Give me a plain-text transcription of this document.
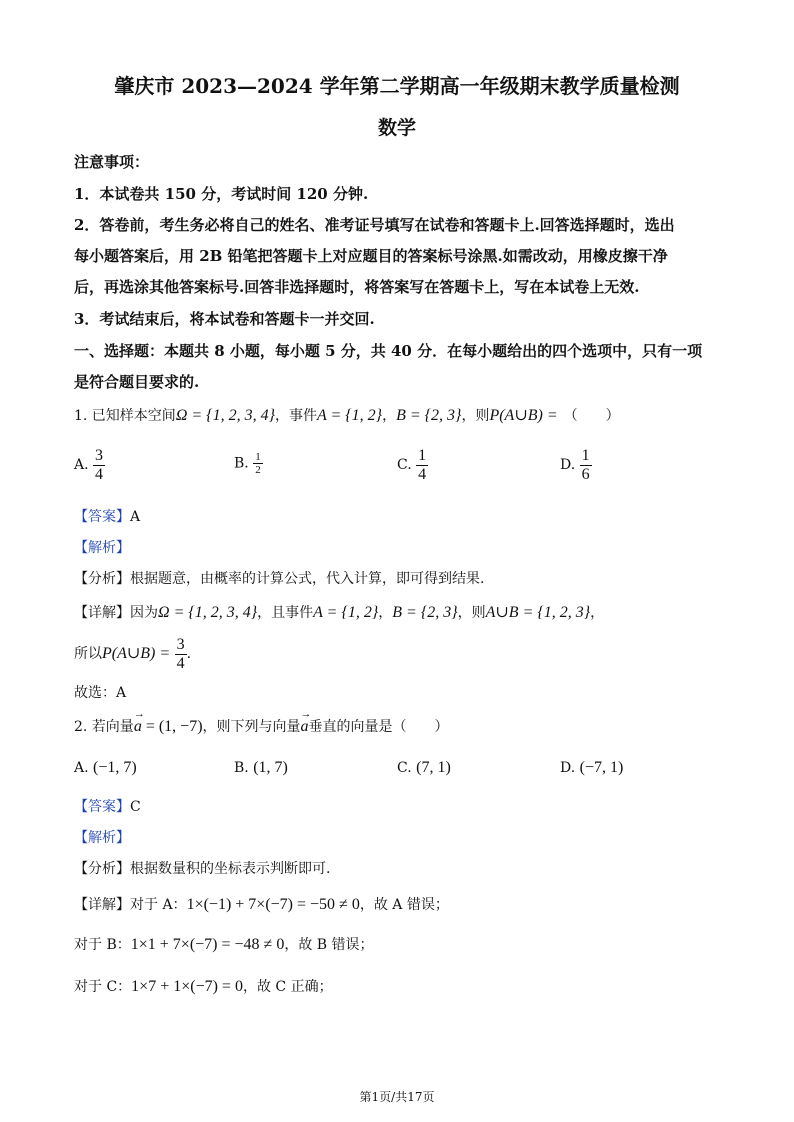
肇庆市 2023—2024 学年第二学期高一年级期末教学质量检测
数学
注意事项：
1．本试卷共 150 分，考试时间 120 分钟.
2．答卷前，考生务必将自己的姓名、准考证号填写在试卷和答题卡上.回答选择题时，选出
每小题答案后，用 2B 铅笔把答题卡上对应题目的答案标号涂黑.如需改动，用橡皮擦干净
后，再选涂其他答案标号.回答非选择题时，将答案写在答题卡上，写在本试卷上无效.
3．考试结束后，将本试卷和答题卡一并交回.
一、选择题：本题共 8 小题，每小题 5 分，共 40 分．在每小题给出的四个选项中，只有一项
是符合题目要求的.
1. 已知样本空间Ω = {1, 2, 3, 4}，事件A = {1, 2}，B = {2, 3}，则P(A∪B) = （　　）
A. $\frac{3}{4}$	B. $\frac{1}{2}$	C. $\frac{1}{4}$	D. $\frac{1}{6}$
【答案】A
【解析】
【分析】根据题意，由概率的计算公式，代入计算，即可得到结果.
【详解】因为Ω = {1, 2, 3, 4}，且事件A = {1, 2}，B = {2, 3}，则A∪B = {1, 2, 3}，
所以P(A∪B) = $\frac{3}{4}$ .
故选：A
2. 若向量
→
a = (1, −7)，则下列与向量
→
a垂直的向量是（　　）
A. (−1, 7)	B. (1, 7)	C. (7, 1)	D. (−7, 1)
【答案】C
【解析】
【分析】根据数量积的坐标表示判断即可.
【详解】对于 A：1×(−1) + 7×(−7) = −50 ≠ 0，故 A 错误；
对于 B：1×1 + 7×(−7) = −48 ≠ 0，故 B 错误；
对于 C：1×7 + 1×(−7) = 0，故 C 正确；
第1页/共17页
